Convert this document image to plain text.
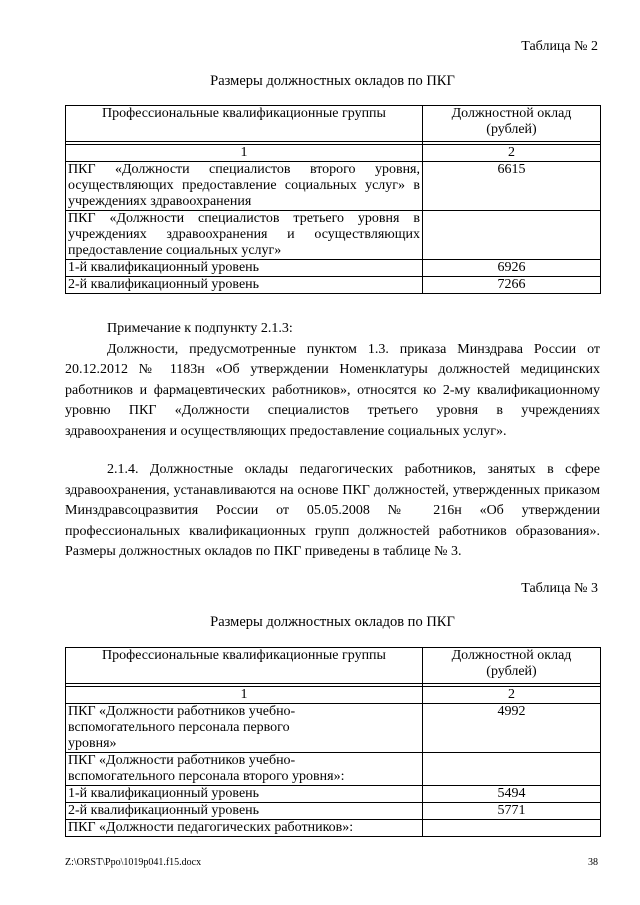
Таблица № 2
Размеры должностных окладов по ПКГ
Профессиональные квалификационные группы	Должностной оклад (рублей)

1	2
ПКГ «Должности специалистов второго уровня, осуществляющих предоставление социальных услуг» в учреждениях здравоохранения	6615
ПКГ «Должности специалистов третьего уровня в учреждениях здравоохранения и осуществляющих предоставление социальных услуг»	
1-й квалификационный уровень	6926
2-й квалификационный уровень	7266

Примечание к подпункту 2.1.3:

Должности, предусмотренные пунктом 1.3. приказа Минздрава России от 20.12.2012 № 1183н «Об утверждении Номенклатуры должностей медицинских работников и фармацевтических работников», относятся ко 2-му квалификационному уровню ПКГ «Должности специалистов третьего уровня в учреждениях здравоохранения и осуществляющих предоставление социальных услуг».

2.1.4. Должностные оклады педагогических работников, занятых в сфере здравоохранения, устанавливаются на основе ПКГ должностей, утвержденных приказом Минздравсоцразвития России от 05.05.2008 № 216н «Об утверждении профессиональных квалификационных групп должностей работников образования». Размеры должностных окладов по ПКГ приведены в таблице № 3.

Таблица № 3
Размеры должностных окладов по ПКГ
Профессиональные квалификационные группы	Должностной оклад (рублей)

1	2
ПКГ «Должности работников учебно-вспомогательного персонала первого уровня»	4992
ПКГ «Должности работников учебно-вспомогательного персонала второго уровня»:	
1-й квалификационный уровень	5494
2-й квалификационный уровень	5771
ПКГ «Должности педагогических работников»:	
Z:\ORST\Ppo\1019p041.f15.docx	38
